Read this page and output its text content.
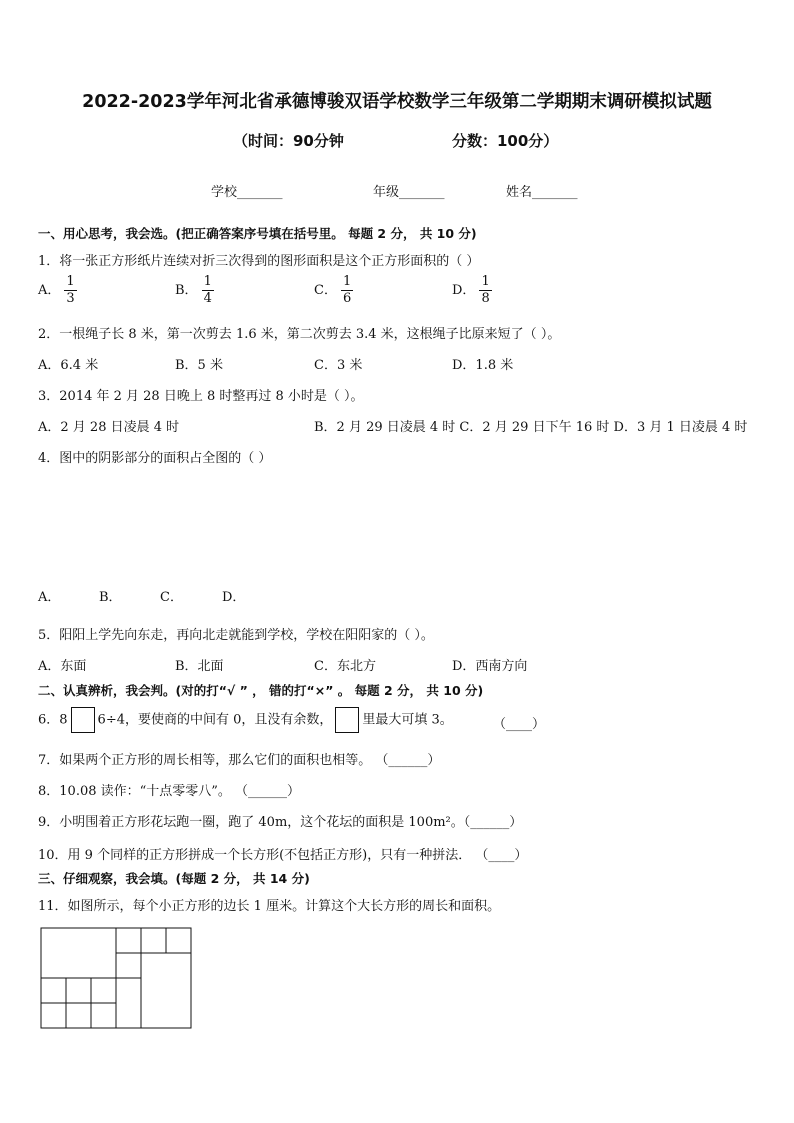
2022-2023学年河北省承德博骏双语学校数学三年级第二学期期末调研模拟试题
（时间：90分钟	分数：100分）
学校_______	年级_______	姓名_______
一、用心思考，我会选。(把正确答案序号填在括号里。 每题 2 分， 共 10 分)
1．将一张正方形纸片连续对折三次得到的图形面积是这个正方形面积的（ ）
A． $\frac{1}{3}$	B． $\frac{1}{4}$	C． $\frac{1}{6}$	D． $\frac{1}{8}$
2．一根绳子长 8 米，第一次剪去 1.6 米，第二次剪去 3.4 米，这根绳子比原来短了（ ）。
A．6.4 米	B．5 米	C．3 米	D．1.8 米
3．2014 年 2 月 28 日晚上 8 时整再过 8 小时是（ ）。
A．2 月 28 日凌晨 4 时	B．2 月 29 日凌晨 4 时 C．2 月 29 日下午 16 时 D．3 月 1 日凌晨 4 时
4．图中的阴影部分的面积占全图的（ ）
A．	B．	C．	D．
5．阳阳上学先向东走，再向北走就能到学校，学校在阳阳家的（ ）。
A．东面	B．北面	C．东北方	D．西南方向
二、认真辨析，我会判。(对的打“√ ” ， 错的打“×” 。 每题 2 分， 共 10 分)
6．8 6÷4，要使商的中间有 0，且没有余数， 里最大可填 3。	（____）
7．如果两个正方形的周长相等，那么它们的面积也相等。 （______）
8．10.08 读作：“十点零零八”。 （______）
9．小明围着正方形花坛跑一圈，跑了 40m，这个花坛的面积是 100m²。（______）
10．用 9 个同样的正方形拼成一个长方形(不包括正方形)，只有一种拼法． （____）
三、仔细观察，我会填。(每题 2 分， 共 14 分)
11．如图所示，每个小正方形的边长 1 厘米。计算这个大长方形的周长和面积。
